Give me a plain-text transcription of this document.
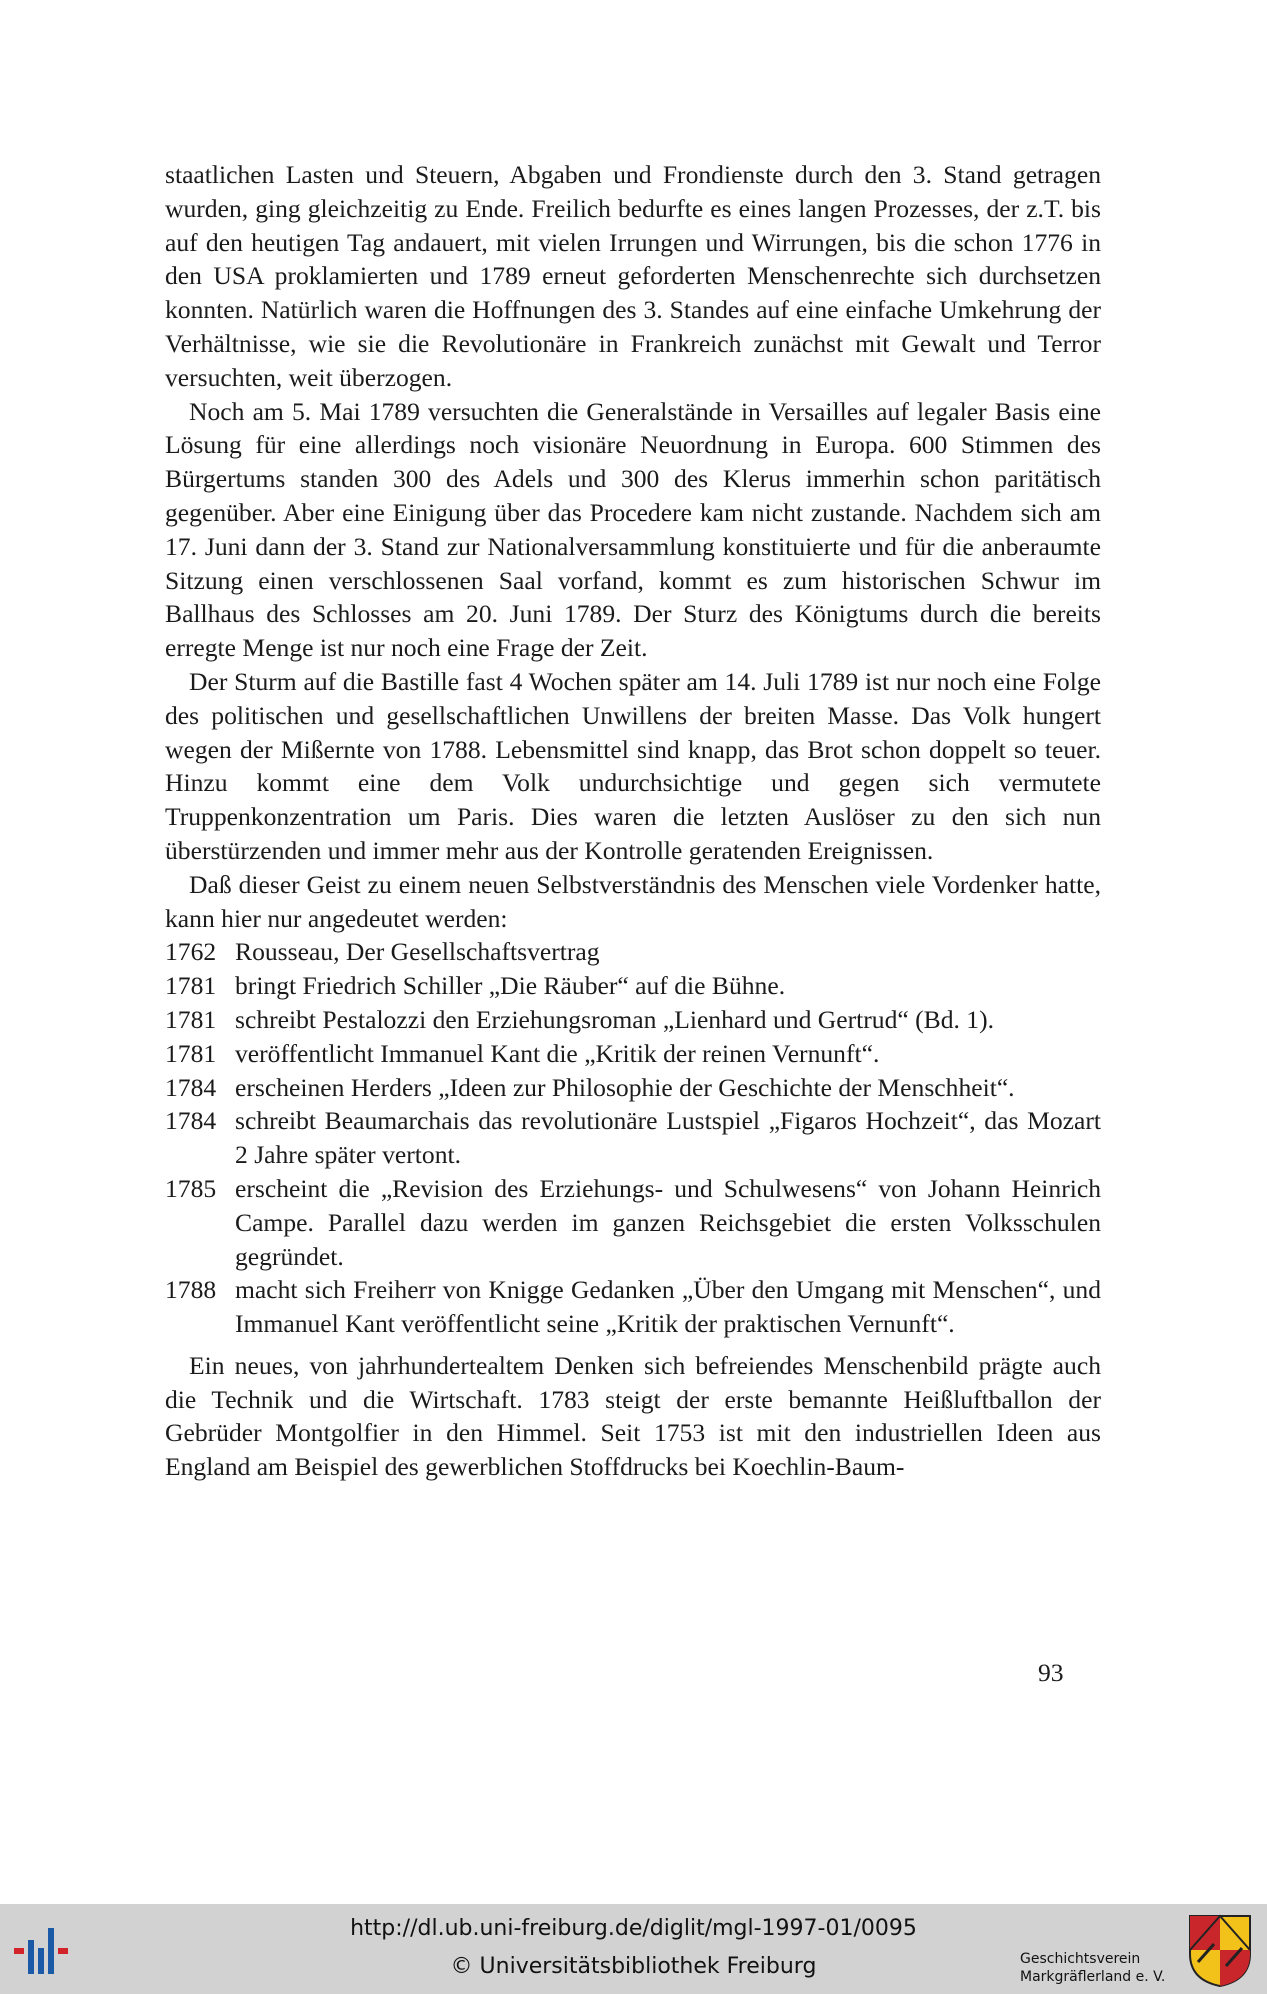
staatlichen Lasten und Steuern, Abgaben und Frondienste durch den 3. Stand getragen wurden, ging gleichzeitig zu Ende. Freilich bedurfte es eines langen Prozesses, der z.T. bis auf den heutigen Tag andauert, mit vielen Irrungen und Wirrungen, bis die schon 1776 in den USA proklamierten und 1789 erneut geforderten Menschenrechte sich durchsetzen konnten. Natürlich waren die Hoffnungen des 3. Standes auf eine einfache Umkehrung der Verhältnisse, wie sie die Revolutionäre in Frankreich zunächst mit Gewalt und Terror versuchten, weit überzogen.

Noch am 5. Mai 1789 versuchten die Generalstände in Versailles auf legaler Basis eine Lösung für eine allerdings noch visionäre Neuordnung in Europa. 600 Stimmen des Bürgertums standen 300 des Adels und 300 des Klerus immerhin schon paritätisch gegenüber. Aber eine Einigung über das Procedere kam nicht zustande. Nachdem sich am 17. Juni dann der 3. Stand zur Nationalversammlung konstituierte und für die anberaumte Sitzung einen verschlossenen Saal vorfand, kommt es zum historischen Schwur im Ballhaus des Schlosses am 20. Juni 1789. Der Sturz des Königtums durch die bereits erregte Menge ist nur noch eine Frage der Zeit.

Der Sturm auf die Bastille fast 4 Wochen später am 14. Juli 1789 ist nur noch eine Folge des politischen und gesellschaftlichen Unwillens der breiten Masse. Das Volk hungert wegen der Mißernte von 1788. Lebensmittel sind knapp, das Brot schon doppelt so teuer. Hinzu kommt eine dem Volk undurchsichtige und gegen sich vermutete Truppenkonzentration um Paris. Dies waren die letzten Auslöser zu den sich nun überstürzenden und immer mehr aus der Kontrolle geratenden Ereignissen.

Daß dieser Geist zu einem neuen Selbstverständnis des Menschen viele Vordenker hatte, kann hier nur angedeutet werden:

1762 Rousseau, Der Gesellschaftsvertrag
1781 bringt Friedrich Schiller „Die Räuber“ auf die Bühne.
1781 schreibt Pestalozzi den Erziehungsroman „Lienhard und Gertrud“ (Bd. 1).
1781 veröffentlicht Immanuel Kant die „Kritik der reinen Vernunft“.
1784 erscheinen Herders „Ideen zur Philosophie der Geschichte der Menschheit“.
1784 schreibt Beaumarchais das revolutionäre Lustspiel „Figaros Hochzeit“, das Mozart 2 Jahre später vertont.
1785 erscheint die „Revision des Erziehungs- und Schulwesens“ von Johann Heinrich Campe. Parallel dazu werden im ganzen Reichsgebiet die ersten Volksschulen gegründet.
1788 macht sich Freiherr von Knigge Gedanken „Über den Umgang mit Menschen“, und Immanuel Kant veröffentlicht seine „Kritik der praktischen Vernunft“.

Ein neues, von jahrhundertealtem Denken sich befreiendes Menschenbild prägte auch die Technik und die Wirtschaft. 1783 steigt der erste bemannte Heißluftballon der Gebrüder Montgolfier in den Himmel. Seit 1753 ist mit den industriellen Ideen aus England am Beispiel des gewerblichen Stoffdrucks bei Koechlin-Baum-

93
http://dl.ub.uni-freiburg.de/diglit/mgl-1997-01/0095
© Universitätsbibliothek Freiburg	Geschichtsverein
Markgräflerland e. V.
